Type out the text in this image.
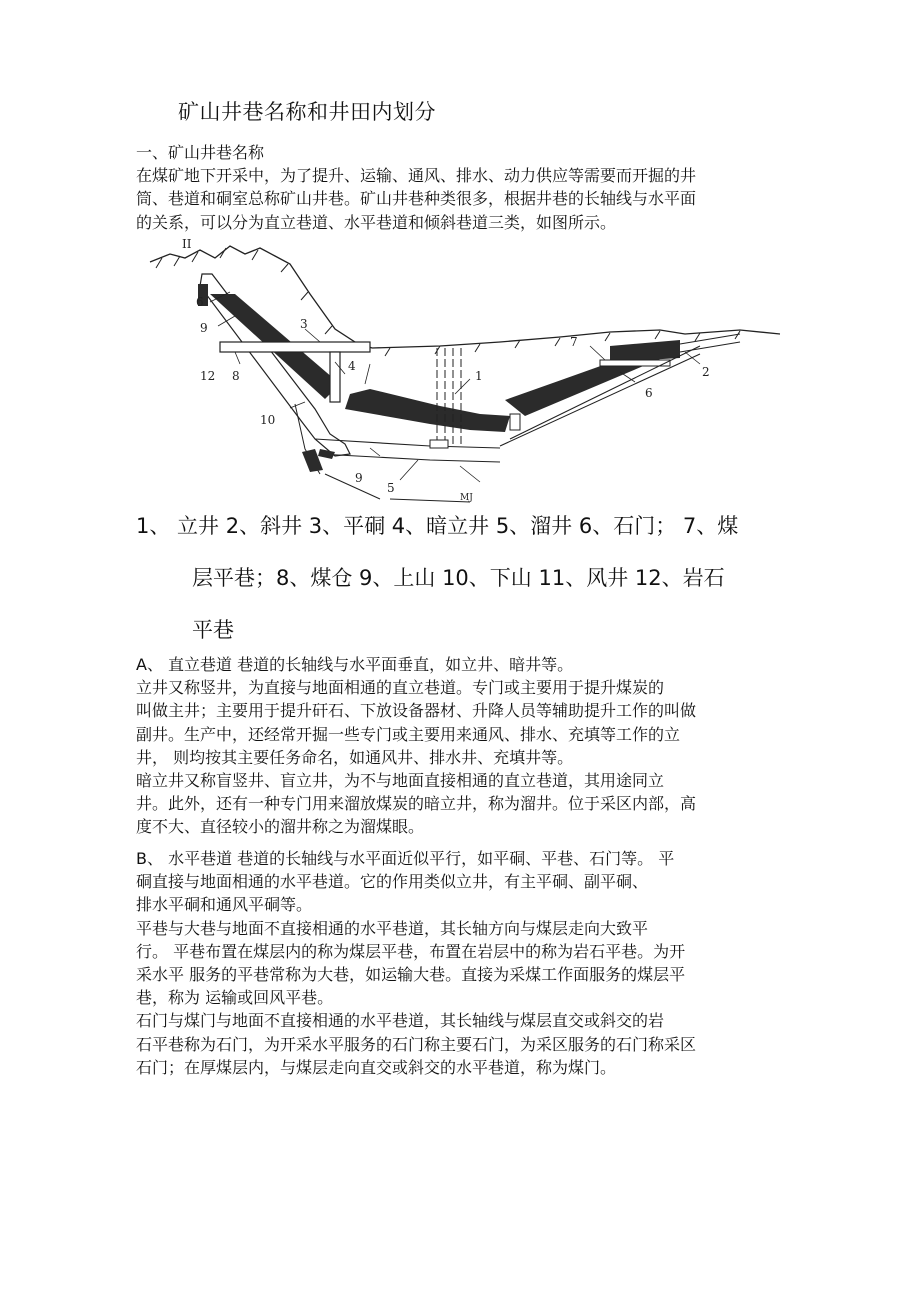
矿山井巷名称和井田内划分
一、矿山井巷名称
在煤矿地下开采中，为了提升、运输、通风、排水、动力供应等需要而开掘的井
筒、巷道和硐室总称矿山井巷。矿山井巷种类很多，根据井巷的长轴线与水平面
的关系，可以分为直立巷道、水平巷道和倾斜巷道三类，如图所示。
II
6
9	3
12 8
4
1
7
2
6
10
9
5
MJ
1、 立井 2、斜井 3、平硐 4、暗立井 5、溜井 6、石门； 7、煤
层平巷；8、煤仓 9、上山 10、下山 11、风井 12、岩石
平巷
A、 直立巷道 巷道的长轴线与水平面垂直，如立井、暗井等。
立井又称竖井，为直接与地面相通的直立巷道。专门或主要用于提升煤炭的
叫做主井；主要用于提升矸石、下放设备器材、升降人员等辅助提升工作的叫做
副井。生产中，还经常开掘一些专门或主要用来通风、排水、充填等工作的立
井， 则均按其主要任务命名，如通风井、排水井、充填井等。
暗立井又称盲竖井、盲立井，为不与地面直接相通的直立巷道，其用途同立
井。此外，还有一种专门用来溜放煤炭的暗立井，称为溜井。位于采区内部，高
度不大、直径较小的溜井称之为溜煤眼。
B、 水平巷道 巷道的长轴线与水平面近似平行，如平硐、平巷、石门等。 平
硐直接与地面相通的水平巷道。它的作用类似立井，有主平硐、副平硐、
排水平硐和通风平硐等。
平巷与大巷与地面不直接相通的水平巷道，其长轴方向与煤层走向大致平
行。 平巷布置在煤层内的称为煤层平巷，布置在岩层中的称为岩石平巷。为开
采水平 服务的平巷常称为大巷，如运输大巷。直接为采煤工作面服务的煤层平
巷，称为 运输或回风平巷。
石门与煤门与地面不直接相通的水平巷道，其长轴线与煤层直交或斜交的岩
石平巷称为石门，为开采水平服务的石门称主要石门，为采区服务的石门称采区
石门；在厚煤层内，与煤层走向直交或斜交的水平巷道，称为煤门。
